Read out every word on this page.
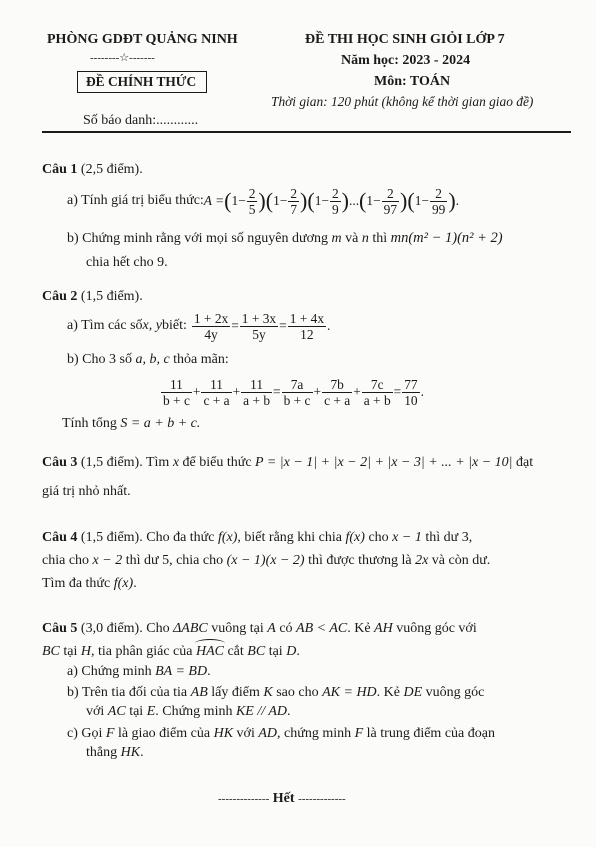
PHÒNG GDĐT QUẢNG NINH
--------☆-------
ĐỀ CHÍNH THỨC
Số báo danh:............
ĐỀ THI HỌC SINH GIỎI LỚP 7
Năm học: 2023 - 2024
Môn: TOÁN
Thời gian: 120 phút (không kể thời gian giao đề)
Câu 1 (2,5 điểm).
a) Tính giá trị biểu thức: A = ( $1 - \frac{2}{5}$ ) ( $1 - \frac{2}{7}$ ) ( $1 - \frac{2}{9}$ ) ... ( $1 - \frac{2}{97}$ ) ( $1 - \frac{2}{99}$ ) .
b) Chứng minh rằng với mọi số nguyên dương m và n thì mn(m² − 1)(n² + 2)
chia hết cho 9.
Câu 2 (1,5 điểm).
a) Tìm các số x, y biết: $\frac{1 + 2x}{4y} = \frac{1 + 3x}{5y} = \frac{1 + 4x}{12}$ .
b) Cho 3 số a, b, c thỏa mãn:
$\frac{11}{b + c} + \frac{11}{c + a} + \frac{11}{a + b} = \frac{7a}{b + c} + \frac{7b}{c + a} + \frac{7c}{a + b} = \frac{77}{10}$ .
Tính tổng S = a + b + c.
Câu 3 (1,5 điểm). Tìm x để biểu thức P = |x − 1| + |x − 2| + |x − 3| + ... + |x − 10| đạt
giá trị nhỏ nhất.
Câu 4 (1,5 điểm). Cho đa thức f(x), biết rằng khi chia f(x) cho x − 1 thì dư 3,
chia cho x − 2 thì dư 5, chia cho (x − 1)(x − 2) thì được thương là 2x và còn dư.
Tìm đa thức f(x).
Câu 5 (3,0 điểm). Cho ΔABC vuông tại A có AB < AC. Kẻ AH vuông góc với
BC tại H, tia phân giác của HAC cắt BC tại D.
a) Chứng minh BA = BD.
b) Trên tia đối của tia AB lấy điểm K sao cho AK = HD. Kẻ DE vuông góc
với AC tại E. Chứng minh KE // AD.
c) Gọi F là giao điểm của HK với AD, chứng minh F là trung điểm của đoạn
thẳng HK.
-------------- Hết -------------
